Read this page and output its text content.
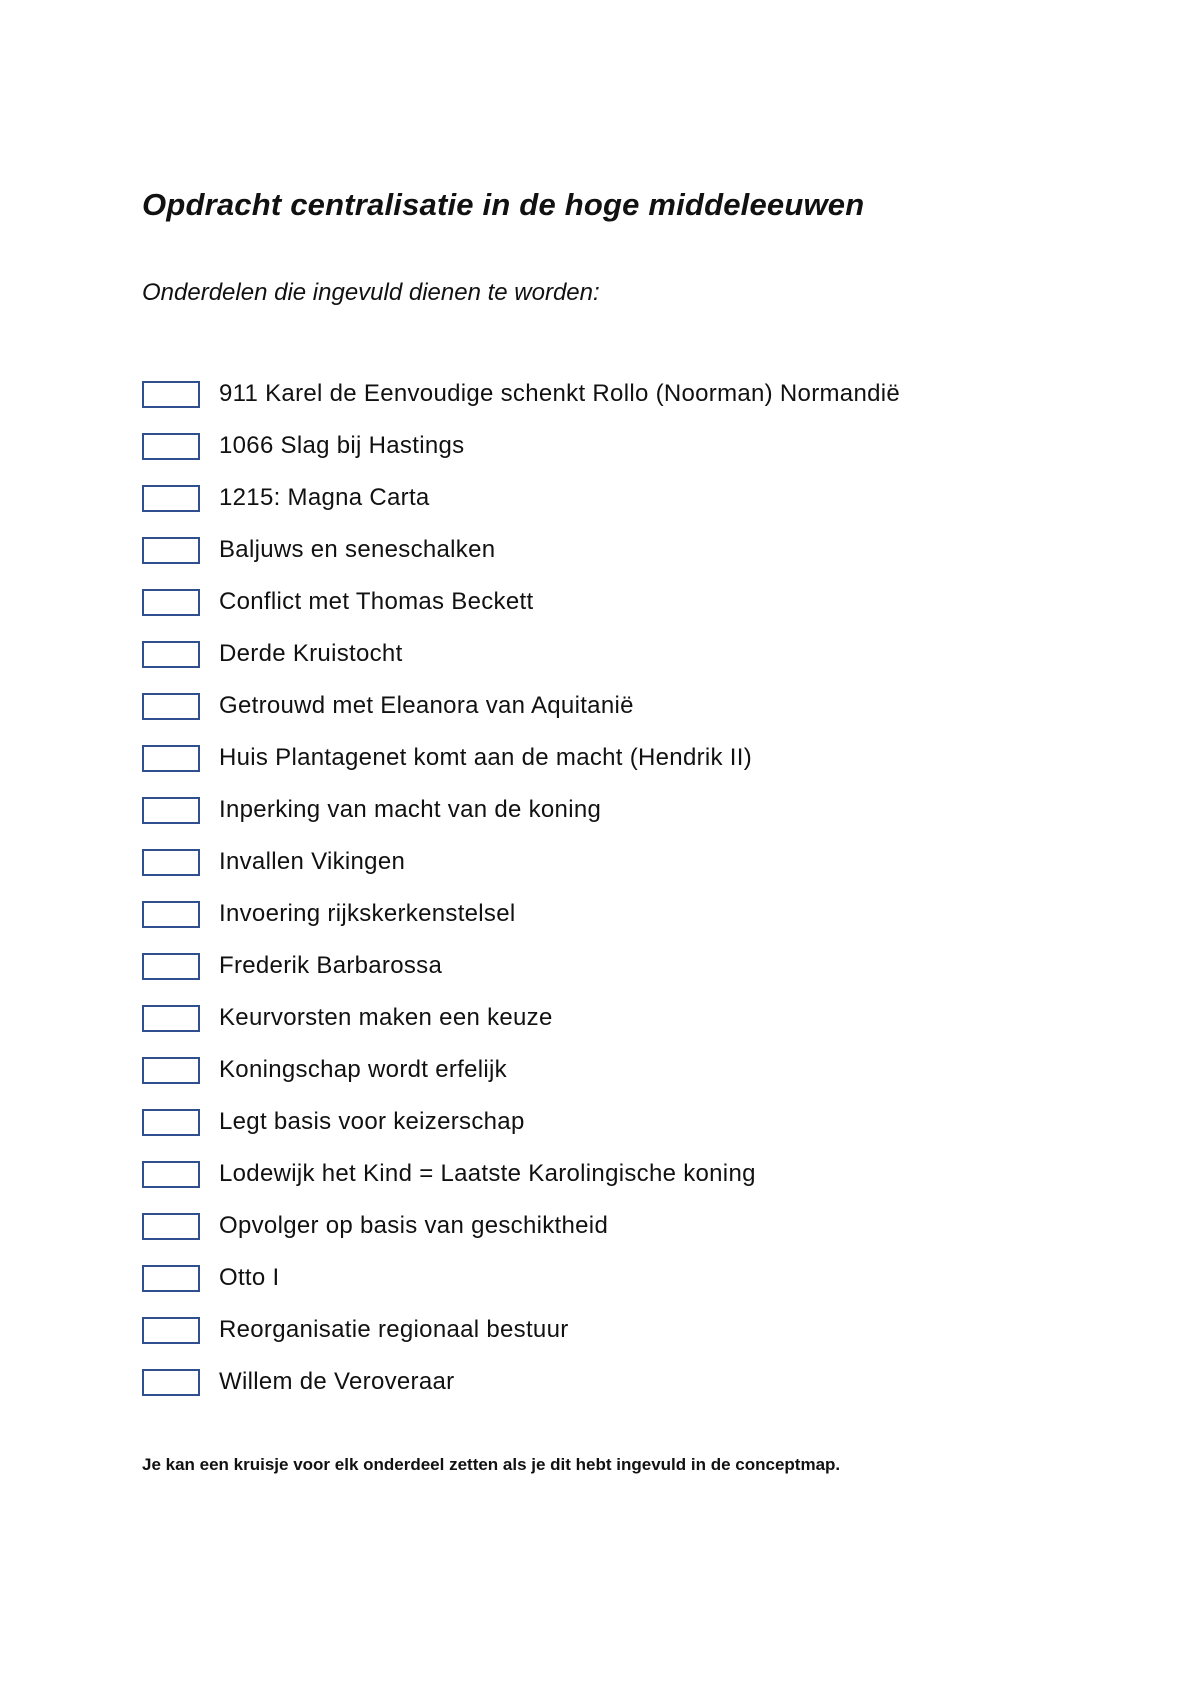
Opdracht centralisatie in de hoge middeleeuwen
Onderdelen die ingevuld dienen te worden:
911 Karel de Eenvoudige schenkt Rollo (Noorman) Normandië
1066 Slag bij Hastings
1215: Magna Carta
Baljuws en seneschalken
Conflict met Thomas Beckett
Derde Kruistocht
Getrouwd met Eleanora van Aquitanië
Huis Plantagenet komt aan de macht (Hendrik II)
Inperking van macht van de koning
Invallen Vikingen
Invoering rijkskerkenstelsel
Frederik Barbarossa
Keurvorsten maken een keuze
Koningschap wordt erfelijk
Legt basis voor keizerschap
Lodewijk het Kind = Laatste Karolingische koning
Opvolger op basis van geschiktheid
Otto I
Reorganisatie regionaal bestuur
Willem de Veroveraar
Je kan een kruisje voor elk onderdeel zetten als je dit hebt ingevuld in de conceptmap.
